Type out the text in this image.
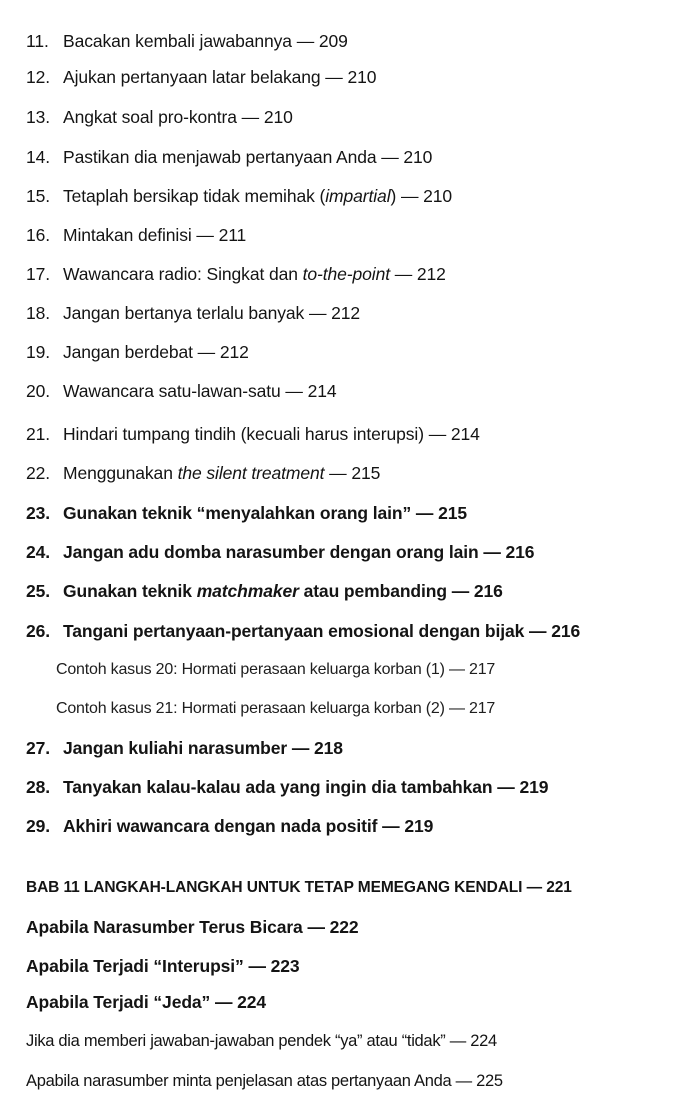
11. Bacakan kembali jawabannya — 209
12. Ajukan pertanyaan latar belakang — 210
13. Angkat soal pro-kontra — 210
14. Pastikan dia menjawab pertanyaan Anda — 210
15. Tetaplah bersikap tidak memihak (impartial) — 210
16. Mintakan definisi — 211
17. Wawancara radio: Singkat dan to-the-point — 212
18. Jangan bertanya terlalu banyak — 212
19. Jangan berdebat — 212
20. Wawancara satu-lawan-satu — 214
21. Hindari tumpang tindih (kecuali harus interupsi) — 214
22. Menggunakan the silent treatment — 215
23. Gunakan teknik “menyalahkan orang lain” — 215
24. Jangan adu domba narasumber dengan orang lain — 216
25. Gunakan teknik matchmaker atau pembanding — 216
26. Tangani pertanyaan-pertanyaan emosional dengan bijak — 216
Contoh kasus 20: Hormati perasaan keluarga korban (1) — 217
Contoh kasus 21: Hormati perasaan keluarga korban (2) — 217
27. Jangan kuliahi narasumber — 218
28. Tanyakan kalau-kalau ada yang ingin dia tambahkan — 219
29. Akhiri wawancara dengan nada positif — 219
BAB 11 LANGKAH-LANGKAH UNTUK TETAP MEMEGANG KENDALI — 221
Apabila Narasumber Terus Bicara — 222
Apabila Terjadi “Interupsi” — 223
Apabila Terjadi “Jeda” — 224
Jika dia memberi jawaban-jawaban pendek “ya” atau “tidak” — 224
Apabila narasumber minta penjelasan atas pertanyaan Anda — 225
